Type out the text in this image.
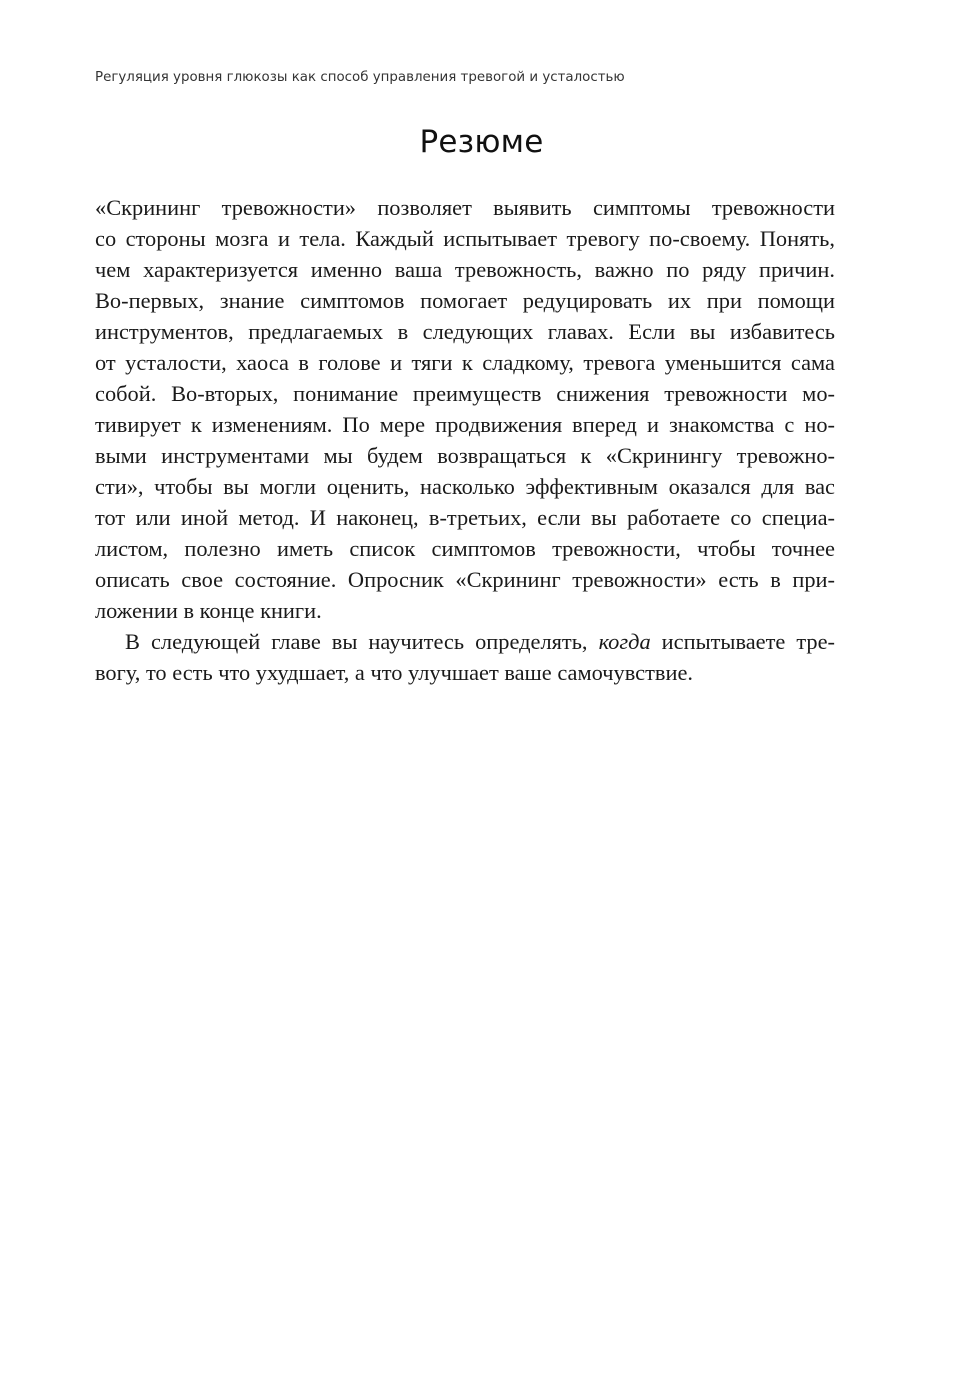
Регуляция уровня глюкозы как способ управления тревогой и усталостью
Резюме
«Скрининг тревожности» позволяет выявить симптомы тревожности
со стороны мозга и тела. Каждый испытывает тревогу по-своему. Понять,
чем характеризуется именно ваша тревожность, важно по ряду причин.
Во-первых, знание симптомов помогает редуцировать их при помощи
инструментов, предлагаемых в следующих главах. Если вы избавитесь
от усталости, хаоса в голове и тяги к сладкому, тревога уменьшится сама
собой. Во-вторых, понимание преимуществ снижения тревожности мо-
тивирует к изменениям. По мере продвижения вперед и знакомства с но-
выми инструментами мы будем возвращаться к «Скринингу тревожно-
сти», чтобы вы могли оценить, насколько эффективным оказался для вас
тот или иной метод. И наконец, в-третьих, если вы работаете со специа-
листом, полезно иметь список симптомов тревожности, чтобы точнее
описать свое состояние. Опросник «Скрининг тревожности» есть в при-
ложении в конце книги.
В следующей главе вы научитесь определять, когда испытываете тре-
вогу, то есть что ухудшает, а что улучшает ваше самочувствие.
